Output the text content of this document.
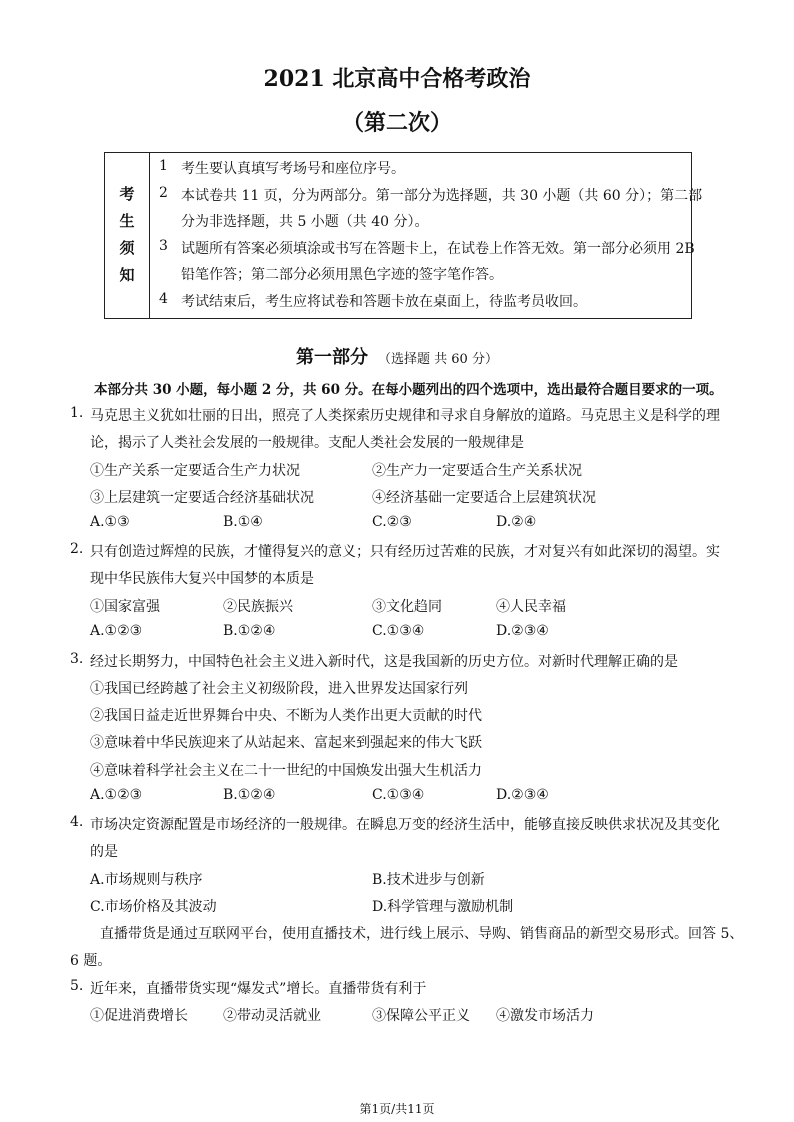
2021 北京高中合格考政治
（第二次）
考
生
须
知
1 考生要认真填写考场号和座位序号。
2 本试卷共 11 页，分为两部分。第一部分为选择题，共 30 小题（共 60 分）；第二部
分为非选择题，共 5 小题（共 40 分）。
3 试题所有答案必须填涂或书写在答题卡上，在试卷上作答无效。第一部分必须用 2B
铅笔作答；第二部分必须用黑色字迹的签字笔作答。
4 考试结束后，考生应将试卷和答题卡放在桌面上，待监考员收回。
第一部分 （选择题 共 60 分）
本部分共 30 小题，每小题 2 分，共 60 分。在每小题列出的四个选项中，选出最符合题目要求的一项。
1. 马克思主义犹如壮丽的日出，照亮了人类探索历史规律和寻求自身解放的道路。马克思主义是科学的理
论，揭示了人类社会发展的一般规律。支配人类社会发展的一般规律是
①生产关系一定要适合生产力状况	②生产力一定要适合生产关系状况
③上层建筑一定要适合经济基础状况	④经济基础一定要适合上层建筑状况
A.①③	B.①④	C.②③	D.②④
2. 只有创造过辉煌的民族，才懂得复兴的意义；只有经历过苦难的民族，才对复兴有如此深切的渴望。实
现中华民族伟大复兴中国梦的本质是
①国家富强	②民族振兴	③文化趋同	④人民幸福
A.①②③	B.①②④	C.①③④	D.②③④
3. 经过长期努力，中国特色社会主义进入新时代，这是我国新的历史方位。对新时代理解正确的是
①我国已经跨越了社会主义初级阶段，进入世界发达国家行列
②我国日益走近世界舞台中央、不断为人类作出更大贡献的时代
③意味着中华民族迎来了从站起来、富起来到强起来的伟大飞跃
④意味着科学社会主义在二十一世纪的中国焕发出强大生机活力
A.①②③	B.①②④	C.①③④	D.②③④
4. 市场决定资源配置是市场经济的一般规律。在瞬息万变的经济生活中，能够直接反映供求状况及其变化
的是
A.市场规则与秩序	B.技术进步与创新
C.市场价格及其波动	D.科学管理与激励机制
直播带货是通过互联网平台，使用直播技术，进行线上展示、导购、销售商品的新型交易形式。回答 5、
6 题。
5. 近年来，直播带货实现“爆发式”增长。直播带货有利于
①促进消费增长	②带动灵活就业	③保障公平正义 ④激发市场活力
第1页/共11页
